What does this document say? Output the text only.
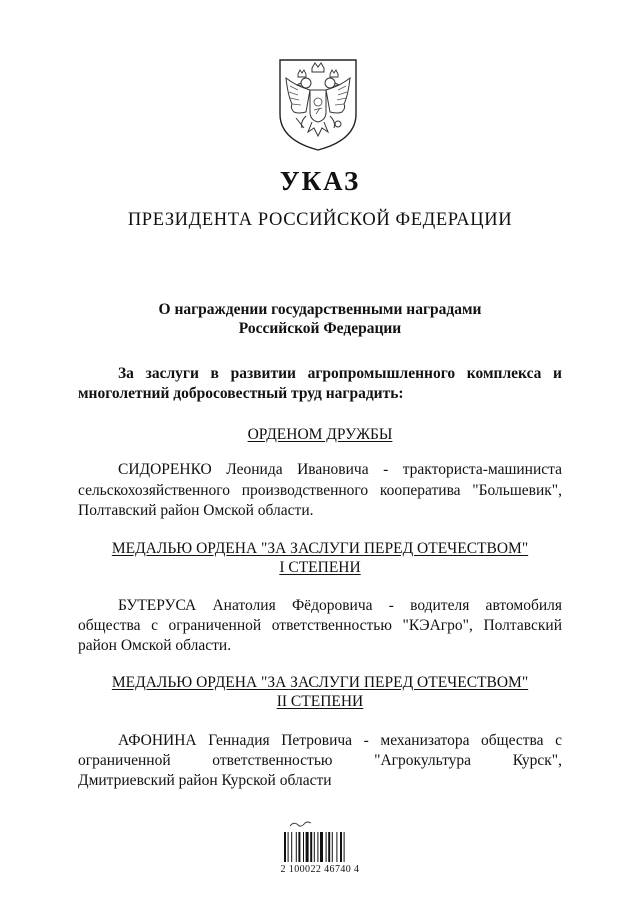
УКАЗ
ПРЕЗИДЕНТА РОССИЙСКОЙ ФЕДЕРАЦИИ
О награждении государственными наградами
Российской Федерации
За заслуги в развитии агропромышленного комплекса и
многолетний добросовестный труд наградить:
ОРДЕНОМ ДРУЖБЫ
СИДОРЕНКО Леонида Ивановича - тракториста-машиниста
сельскохозяйственного производственного кооператива "Большевик",
Полтавский район Омской области.
МЕДАЛЬЮ ОРДЕНА "ЗА ЗАСЛУГИ ПЕРЕД ОТЕЧЕСТВОМ"
I СТЕПЕНИ
БУТЕРУСА Анатолия Фёдоровича - водителя автомобиля
общества с ограниченной ответственностью "КЭАгро", Полтавский
район Омской области.
МЕДАЛЬЮ ОРДЕНА "ЗА ЗАСЛУГИ ПЕРЕД ОТЕЧЕСТВОМ"
II СТЕПЕНИ
АФОНИНА Геннадия Петровича - механизатора общества с
ограниченной ответственностью "Агрокультура Курск",
Дмитриевский район Курской области
2 100022 46740 4
